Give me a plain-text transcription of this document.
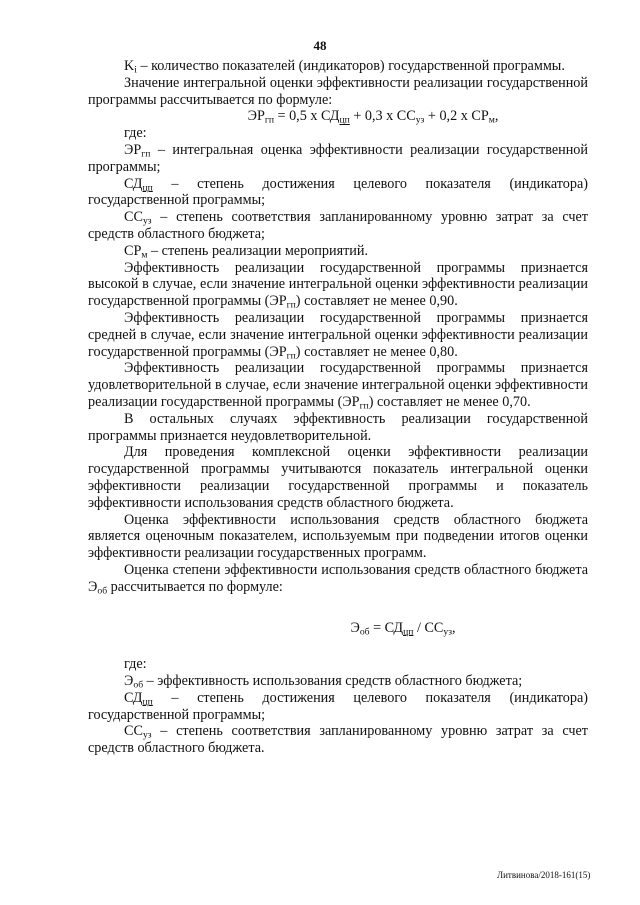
48

$K_i$ – количество показателей (индикаторов) государственной программы.

Значение интегральной оценки эффективности реализации государственной программы рассчитывается по формуле:

$ЭР_{гп} = 0,5$ х $СД_{цп} + 0,3$ х $СС_{уз} + 0,2$ х $СР_м$,

где:

$ЭР_{гп}$ – интегральная оценка эффективности реализации государственной программы;

$СД_{цп}$ – степень достижения целевого показателя (индикатора) государственной программы;

$СС_{уз}$ – степень соответствия запланированному уровню затрат за счет средств областного бюджета;

$СР_м$ – степень реализации мероприятий.

Эффективность реализации государственной программы признается высокой в случае, если значение интегральной оценки эффективности реализации государственной программы $(ЭР_{гп})$ составляет не менее 0,90.

Эффективность реализации государственной программы признается средней в случае, если значение интегральной оценки эффективности реализации государственной программы $(ЭР_{гп})$ составляет не менее 0,80.

Эффективность реализации государственной программы признается удовлетворительной в случае, если значение интегральной оценки эффективности реализации государственной программы $(ЭР_{гп})$ составляет не менее 0,70.

В остальных случаях эффективность реализации государственной программы признается неудовлетворительной.

Для проведения комплексной оценки эффективности реализации государственной программы учитываются показатель интегральной оценки эффективности реализации государственной программы и показатель эффективности использования средств областного бюджета.

Оценка эффективности использования средств областного бюджета является оценочным показателем, используемым при подведении итогов оценки эффективности реализации государственных программ.

Оценка степени эффективности использования средств областного бюджета $Э_{об}$ рассчитывается по формуле:

$Э_{об} = СД_{цп} / СС_{уз}$,

где:

$Э_{об}$ – эффективность использования средств областного бюджета;

$СД_{цп}$ – степень достижения целевого показателя (индикатора) государственной программы;

$СС_{уз}$ – степень соответствия запланированному уровню затрат за счет средств областного бюджета.

Литвинова/2018-161(15)
